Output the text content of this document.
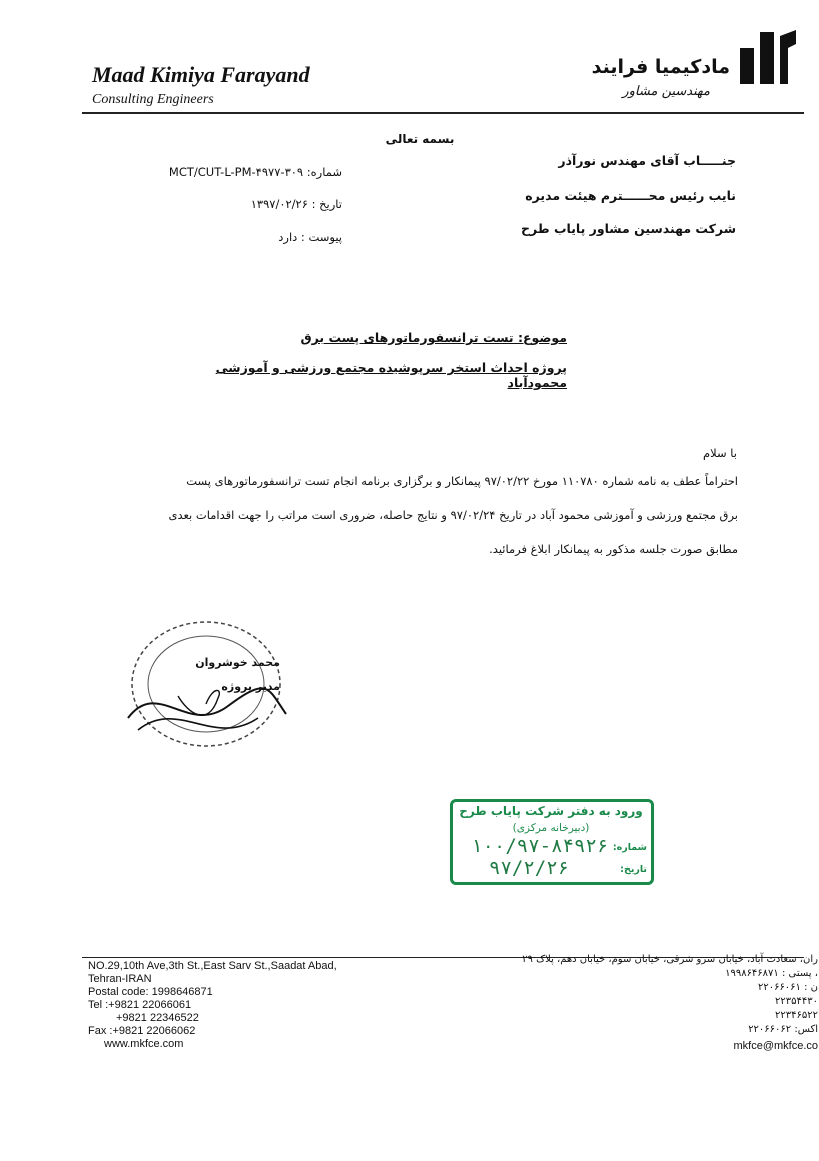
Maad Kimiya Farayand
Consulting Engineers
مادکیمیا فرایند
مهندسین مشاور
بسمه تعالی
جنـــــاب آقای مهندس نورآذر
نایب رئیس محــــــترم هیئت مدیره
شرکت مهندسین مشاور پایاب طرح
شماره: ۳۰۹-MCT/CUT-L-PM-۴۹۷۷
تاریخ : ۱۳۹۷/۰۲/۲۶
پیوست : دارد
موضوع: تست ترانسفورماتورهای پست برق
پروژه احداث استخر سرپوشیده مجتمع ورزشی و آموزشی محمودآباد
با سلام
احتراماً عطف به نامه شماره ۱۱۰۷۸۰ مورخ ۹۷/۰۲/۲۲ پیمانکار و برگزاری برنامه انجام تست ترانسفورماتورهای پست
برق مجتمع ورزشی و آموزشی محمود آباد در تاریخ ۹۷/۰۲/۲۴ و نتایج حاصله، ضروری است مراتب را جهت اقدامات بعدی
مطابق صورت جلسه مذکور به پیمانکار ابلاغ فرمائید.
محمد خوشروان
مدیر پروژه
ورود به دفتر شرکت پایاب طرح
(دبیرخانه مرکزی)
شماره:
۱۰۰/۹۷-۸۴۹۲۶
تاریخ:
۹۷/۲/۲۶
NO.29,10th Ave,3th St.,East Sarv St.,Saadat Abad,
Tehran-IRAN
Postal code: 1998646871
Tel :+9821 22066061
+9821 22346522
Fax :+9821 22066062
www.mkfce.com
ران، سعادت آباد، خیابان سرو شرقی، خیابان سوم، خیابان دهم، پلاک ۲۹
، پستی : ۱۹۹۸۶۴۶۸۷۱
ن : ۲۲۰۶۶۰۶۱
۲۲۳۵۴۴۳۰
۲۲۳۴۶۵۲۲
اکس: ۲۲۰۶۶۰۶۲
mkfce@mkfce.co
